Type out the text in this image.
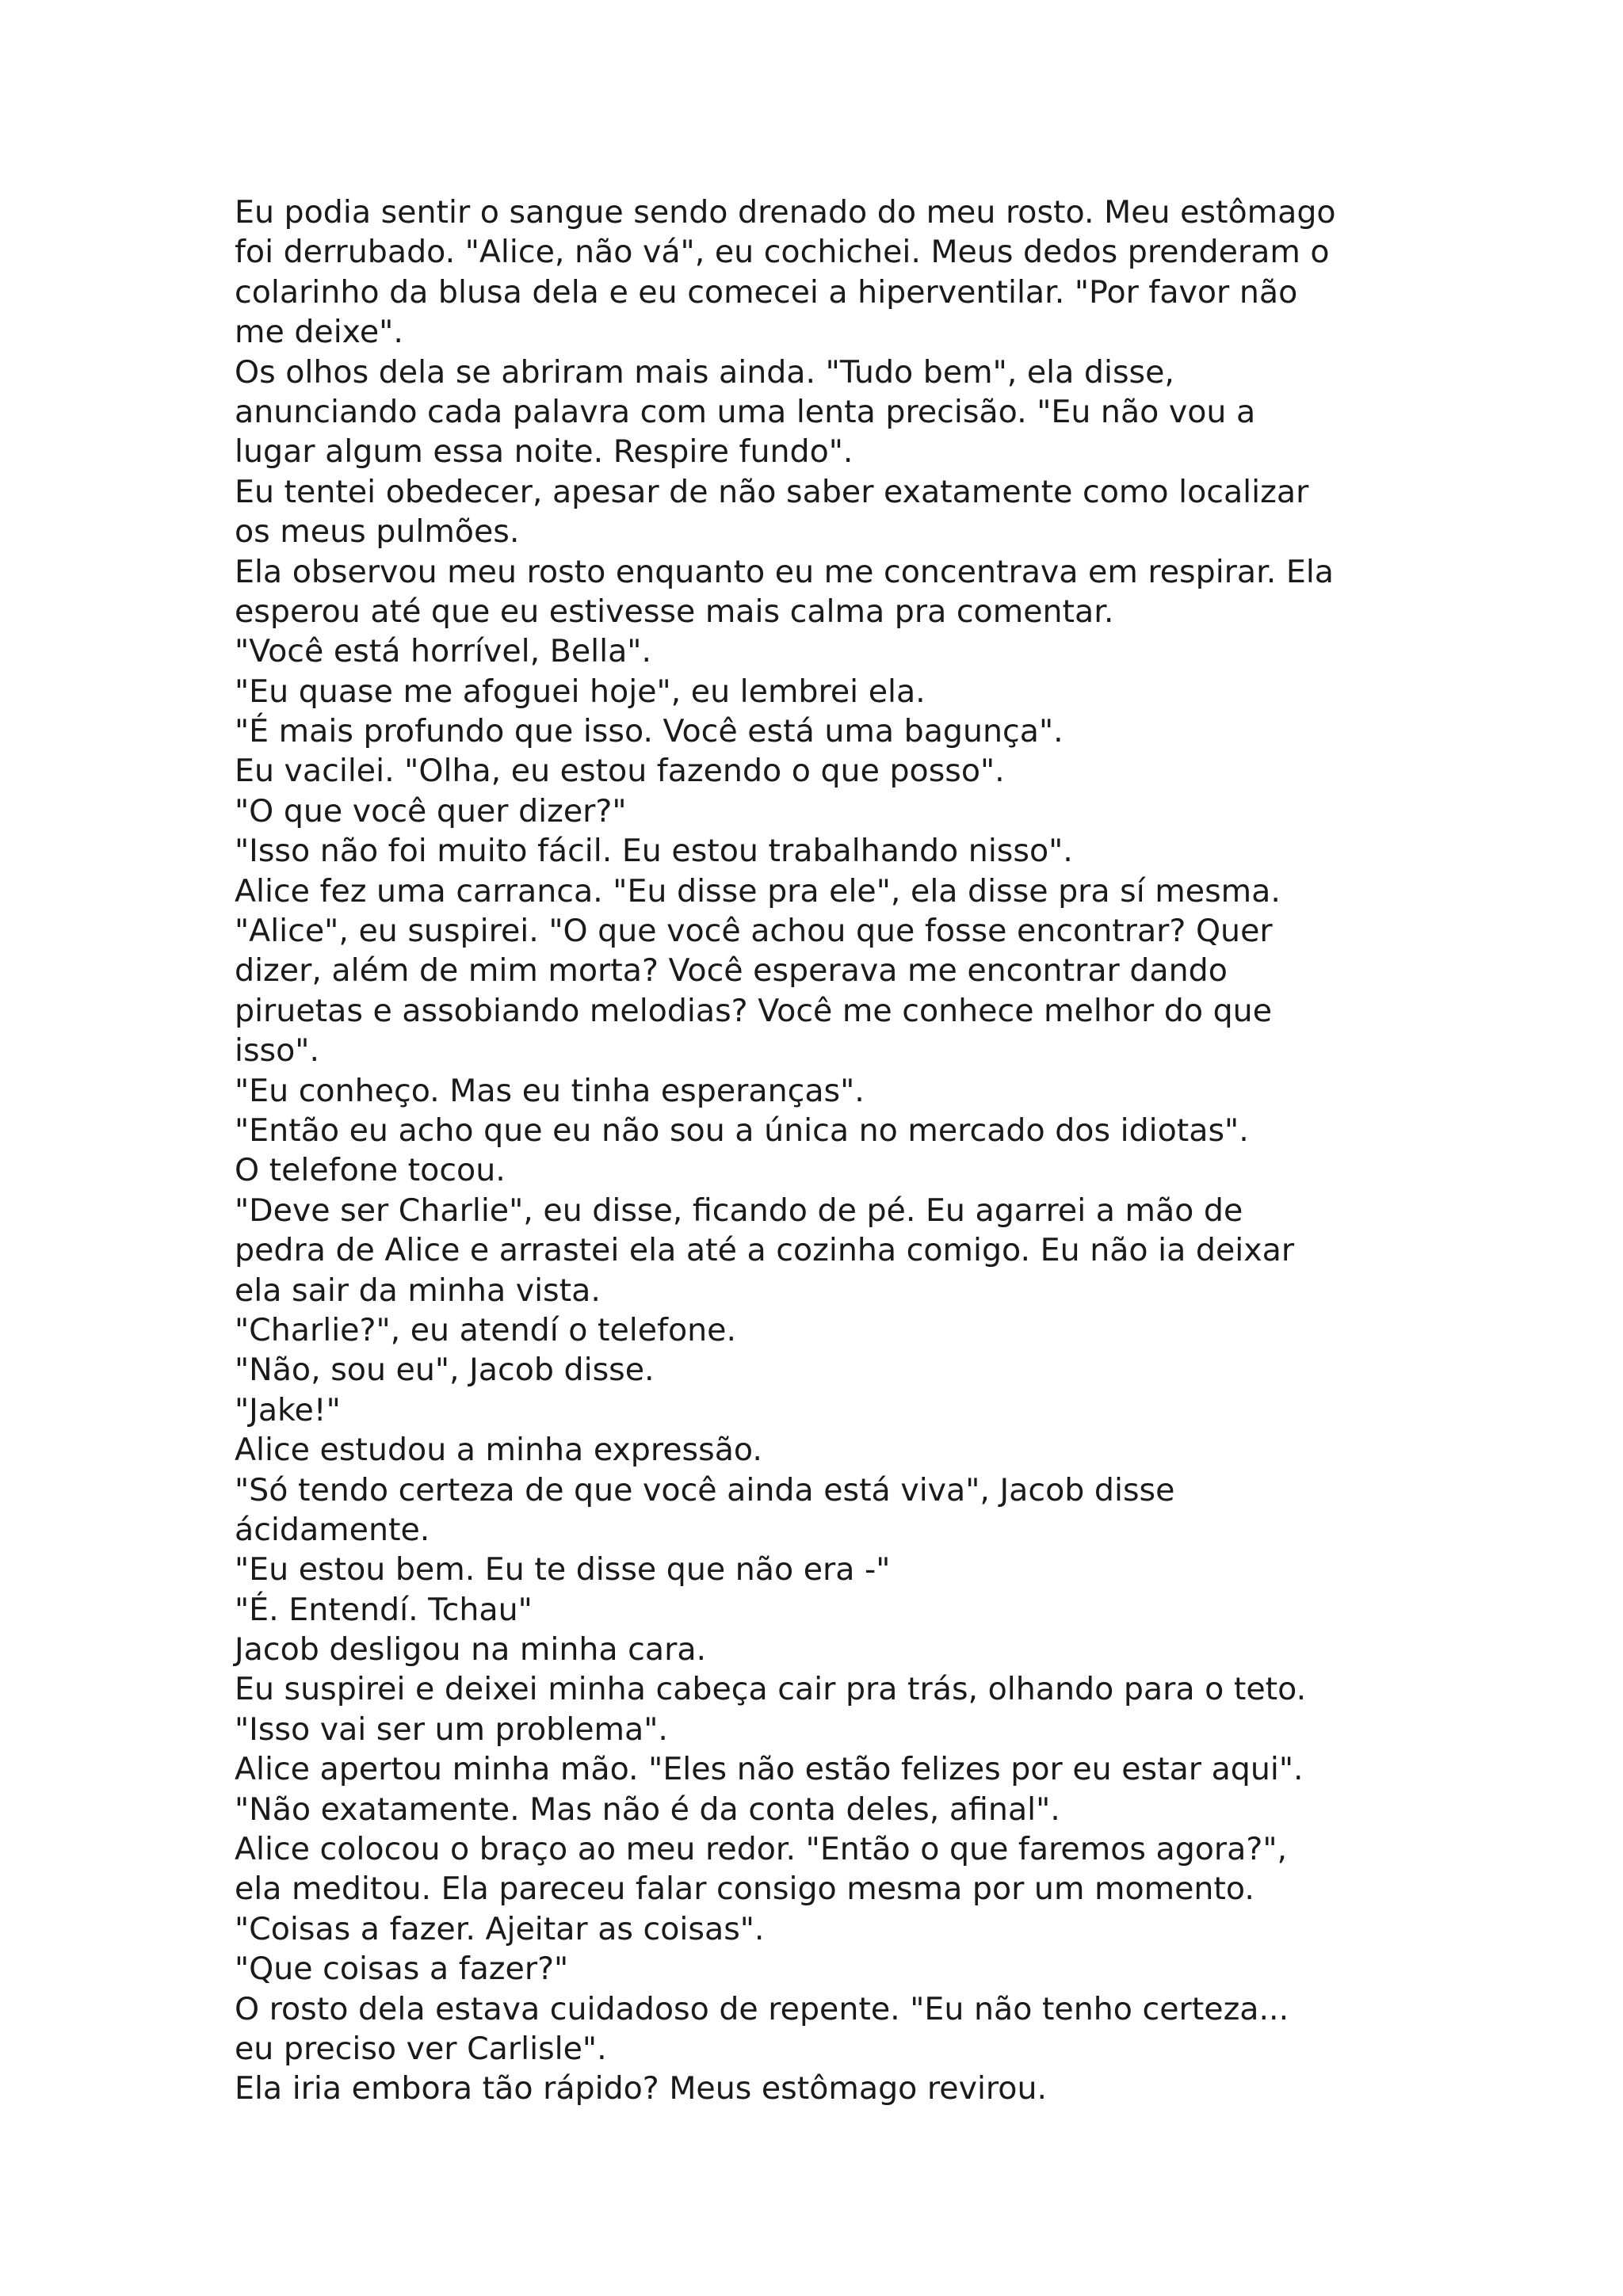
Eu podia sentir o sangue sendo drenado do meu rosto. Meu estômago
foi derrubado. "Alice, não vá", eu cochichei. Meus dedos prenderam o
colarinho da blusa dela e eu comecei a hiperventilar. "Por favor não
me deixe".
Os olhos dela se abriram mais ainda. "Tudo bem", ela disse,
anunciando cada palavra com uma lenta precisão. "Eu não vou a
lugar algum essa noite. Respire fundo".
Eu tentei obedecer, apesar de não saber exatamente como localizar
os meus pulmões.
Ela observou meu rosto enquanto eu me concentrava em respirar. Ela
esperou até que eu estivesse mais calma pra comentar.
"Você está horrível, Bella".
"Eu quase me afoguei hoje", eu lembrei ela.
"É mais profundo que isso. Você está uma bagunça".
Eu vacilei. "Olha, eu estou fazendo o que posso".
"O que você quer dizer?"
"Isso não foi muito fácil. Eu estou trabalhando nisso".
Alice fez uma carranca. "Eu disse pra ele", ela disse pra sí mesma.
"Alice", eu suspirei. "O que você achou que fosse encontrar? Quer
dizer, além de mim morta? Você esperava me encontrar dando
piruetas e assobiando melodias? Você me conhece melhor do que
isso".
"Eu conheço. Mas eu tinha esperanças".
"Então eu acho que eu não sou a única no mercado dos idiotas".
O telefone tocou.
"Deve ser Charlie", eu disse, ficando de pé. Eu agarrei a mão de
pedra de Alice e arrastei ela até a cozinha comigo. Eu não ia deixar
ela sair da minha vista.
"Charlie?", eu atendí o telefone.
"Não, sou eu", Jacob disse.
"Jake!"
Alice estudou a minha expressão.
"Só tendo certeza de que você ainda está viva", Jacob disse
ácidamente.
"Eu estou bem. Eu te disse que não era -"
"É. Entendí. Tchau"
Jacob desligou na minha cara.
Eu suspirei e deixei minha cabeça cair pra trás, olhando para o teto.
"Isso vai ser um problema".
Alice apertou minha mão. "Eles não estão felizes por eu estar aqui".
"Não exatamente. Mas não é da conta deles, afinal".
Alice colocou o braço ao meu redor. "Então o que faremos agora?",
ela meditou. Ela pareceu falar consigo mesma por um momento.
"Coisas a fazer. Ajeitar as coisas".
"Que coisas a fazer?"
O rosto dela estava cuidadoso de repente. "Eu não tenho certeza...
eu preciso ver Carlisle".
Ela iria embora tão rápido? Meus estômago revirou.
